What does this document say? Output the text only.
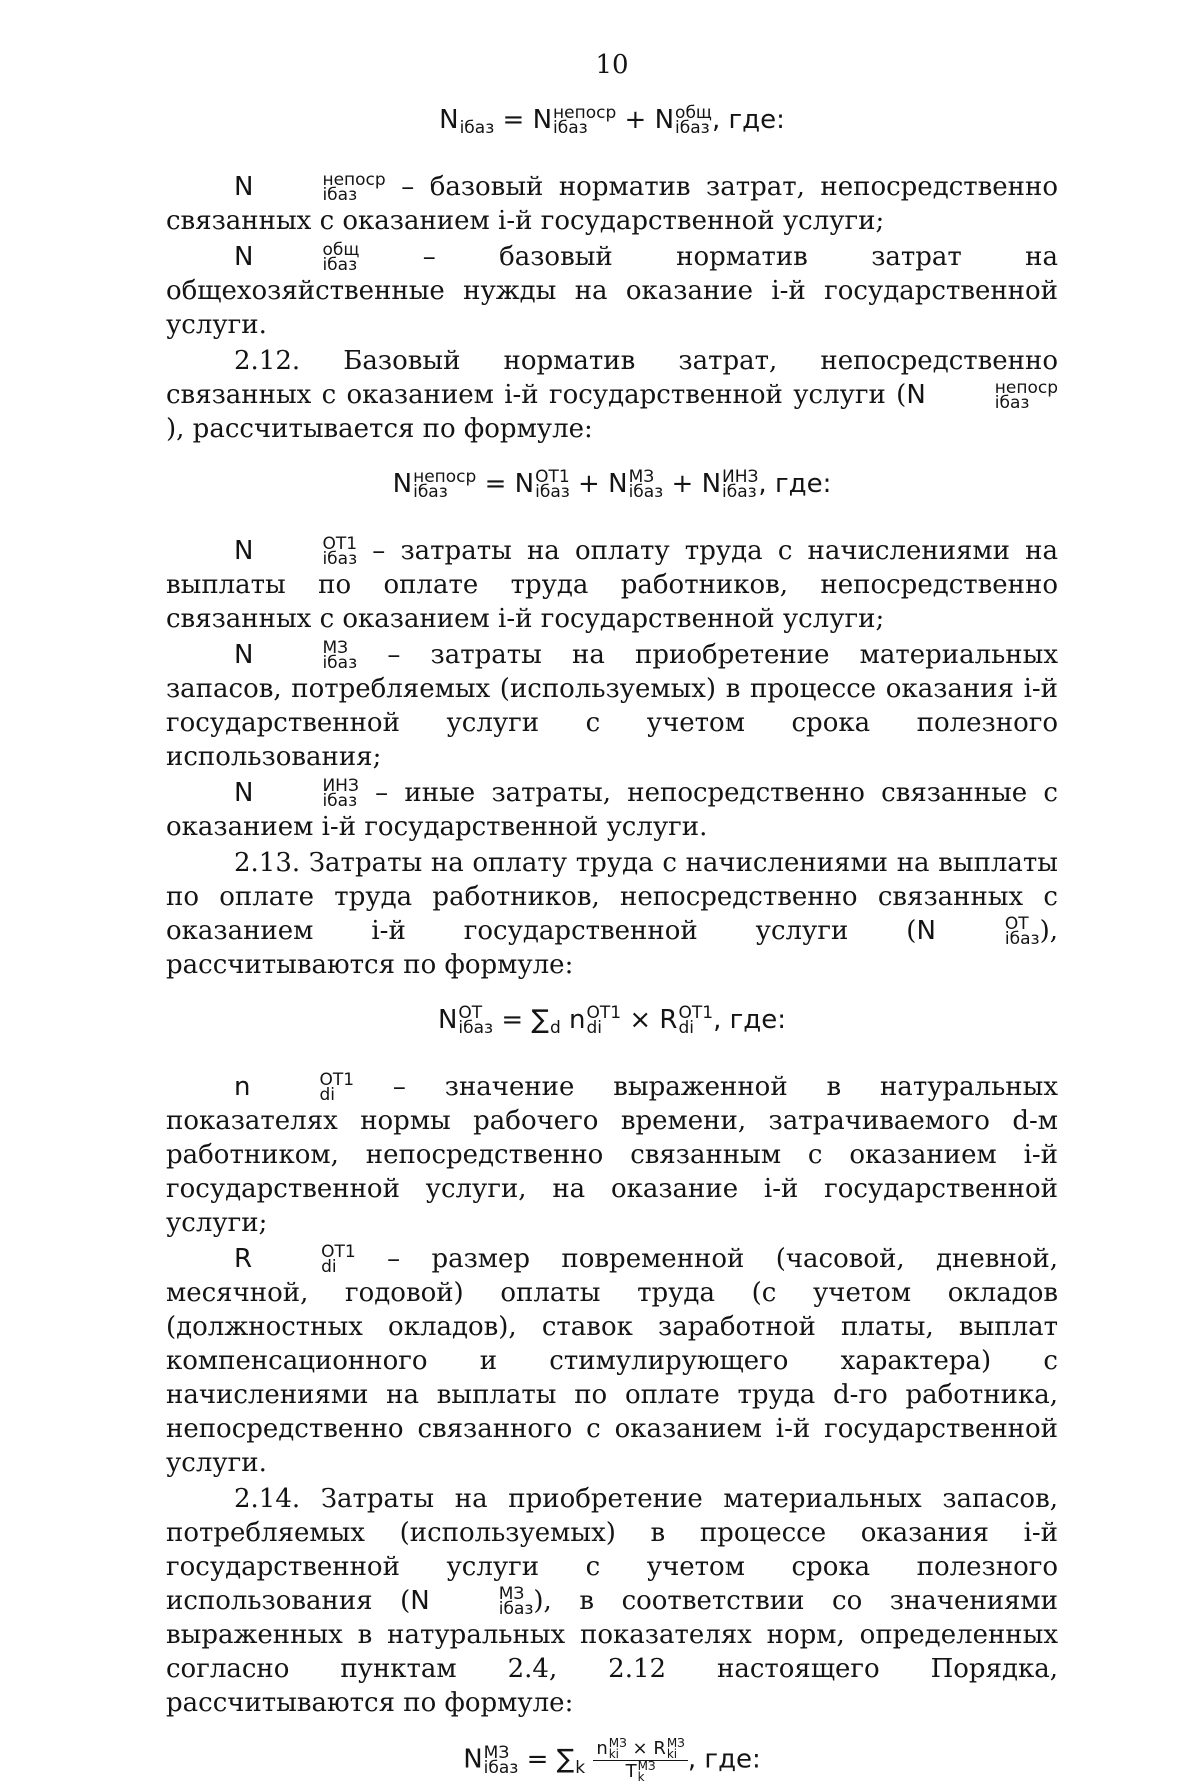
10
N
iбаз = N непоср
iбаз	+ N общ
iбаз , где:

N	непоср
iбаз	– базовый норматив затрат, непосредственно связанных с оказанием i-й государственной услуги;

N	общ
iбаз – базовый норматив затрат на общехозяйственные нужды на оказание i-й государственной услуги.

2.12. Базовый норматив затрат, непосредственно связанных с оказанием i-й государственной услуги (N	непоср
iбаз
), рассчитывается по формуле:

N непоср
iбаз	= N ОТ1
iбаз + N МЗ
iбаз + N ИНЗ
iбаз , где:

N	ОТ1
iбаз – затраты на оплату труда с начислениями на выплаты по оплате труда работников, непосредственно связанных с оказанием i-й государственной услуги;

N	МЗ
iбаз – затраты на приобретение материальных запасов, потребляемых (используемых) в процессе оказания i-й государственной услуги с учетом срока полезного использования;

N	ИНЗ
iбаз – иные затраты, непосредственно связанные с оказанием i-й государственной услуги.

2.13. Затраты на оплату труда с начислениями на выплаты по оплате труда работников, непосредственно связанных с оказанием i-й государственной услуги (N	ОТ
iбаз ), рассчитываются по формуле:

N ОТ
iбаз = ∑
d n ОТ1
di × R ОТ1
di , где:

n	ОТ1
di – значение выраженной в натуральных показателях нормы рабочего времени, затрачиваемого d-м работником, непосредственно связанным с оказанием i-й государственной услуги, на оказание i-й государственной услуги;

R	ОТ1
di – размер повременной (часовой, дневной, месячной, годовой) оплаты труда (с учетом окладов (должностных окладов), ставок заработной платы, выплат компенсационного и стимулирующего характера) с начислениями на выплаты по оплате труда d-го работника, непосредственно связанного с оказанием i-й государственной услуги.

2.14. Затраты на приобретение материальных запасов, потребляемых (используемых) в процессе оказания i-й государственной услуги с учетом срока полезного использования (N	МЗ
iбаз ), в соответствии со значениями выраженных в натуральных показателях норм, определенных согласно пунктам 2.4, 2.12 настоящего Порядка, рассчитываются по формуле:

N МЗ
iбаз = ∑
k
n МЗ
ki × R МЗ
ki
T МЗ
k , где:
